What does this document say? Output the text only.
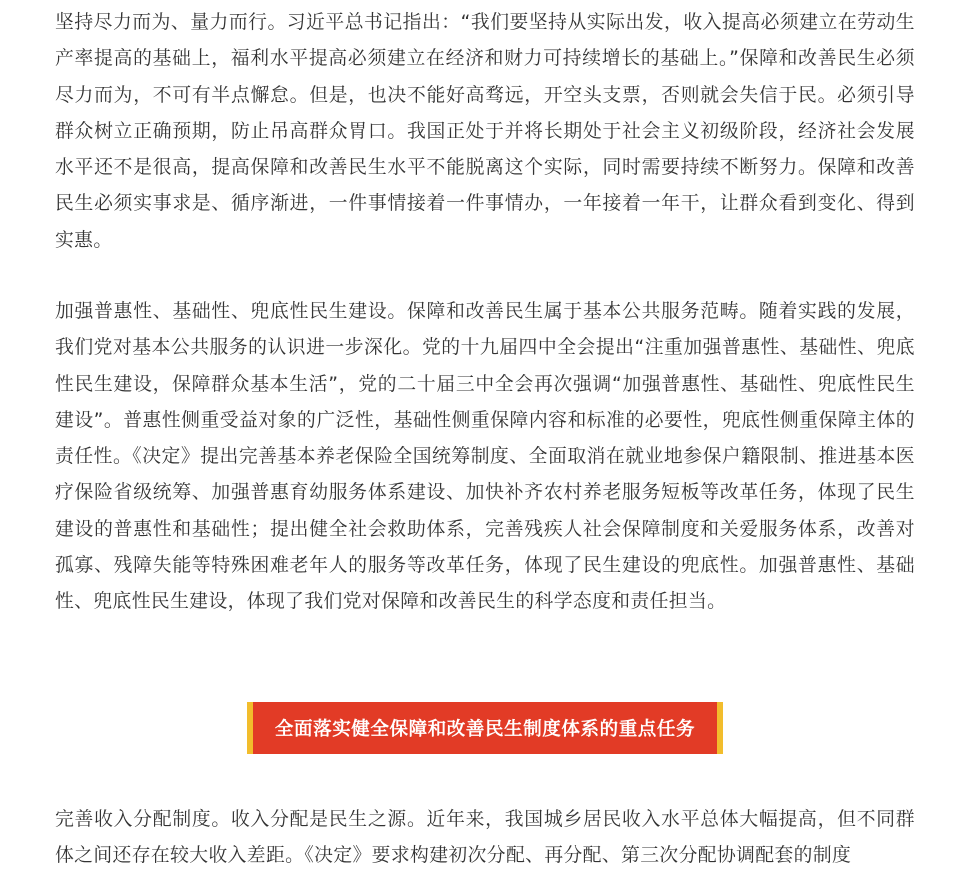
坚持尽力而为、量力而行。习近平总书记指出：“我们要坚持从实际出发，收入提高必须建立在劳动生产率提高的基础上，福利水平提高必须建立在经济和财力可持续增长的基础上。”保障和改善民生必须尽力而为，不可有半点懈怠。但是，也决不能好高骛远，开空头支票，否则就会失信于民。必须引导群众树立正确预期，防止吊高群众胃口。我国正处于并将长期处于社会主义初级阶段，经济社会发展水平还不是很高，提高保障和改善民生水平不能脱离这个实际，同时需要持续不断努力。保障和改善民生必须实事求是、循序渐进，一件事情接着一件事情办，一年接着一年干，让群众看到变化、得到实惠。

加强普惠性、基础性、兜底性民生建设。保障和改善民生属于基本公共服务范畴。随着实践的发展，我们党对基本公共服务的认识进一步深化。党的十九届四中全会提出“注重加强普惠性、基础性、兜底性民生建设，保障群众基本生活”，党的二十届三中全会再次强调“加强普惠性、基础性、兜底性民生建设”。普惠性侧重受益对象的广泛性，基础性侧重保障内容和标准的必要性，兜底性侧重保障主体的责任性。《决定》提出完善基本养老保险全国统筹制度、全面取消在就业地参保户籍限制、推进基本医疗保险省级统筹、加强普惠育幼服务体系建设、加快补齐农村养老服务短板等改革任务，体现了民生建设的普惠性和基础性；提出健全社会救助体系，完善残疾人社会保障制度和关爱服务体系，改善对孤寡、残障失能等特殊困难老年人的服务等改革任务，体现了民生建设的兜底性。加强普惠性、基础性、兜底性民生建设，体现了我们党对保障和改善民生的科学态度和责任担当。

全面落实健全保障和改善民生制度体系的重点任务

完善收入分配制度。收入分配是民生之源。近年来，我国城乡居民收入水平总体大幅提高，但不同群体之间还存在较大收入差距。《决定》要求构建初次分配、再分配、第三次分配协调配套的制度
